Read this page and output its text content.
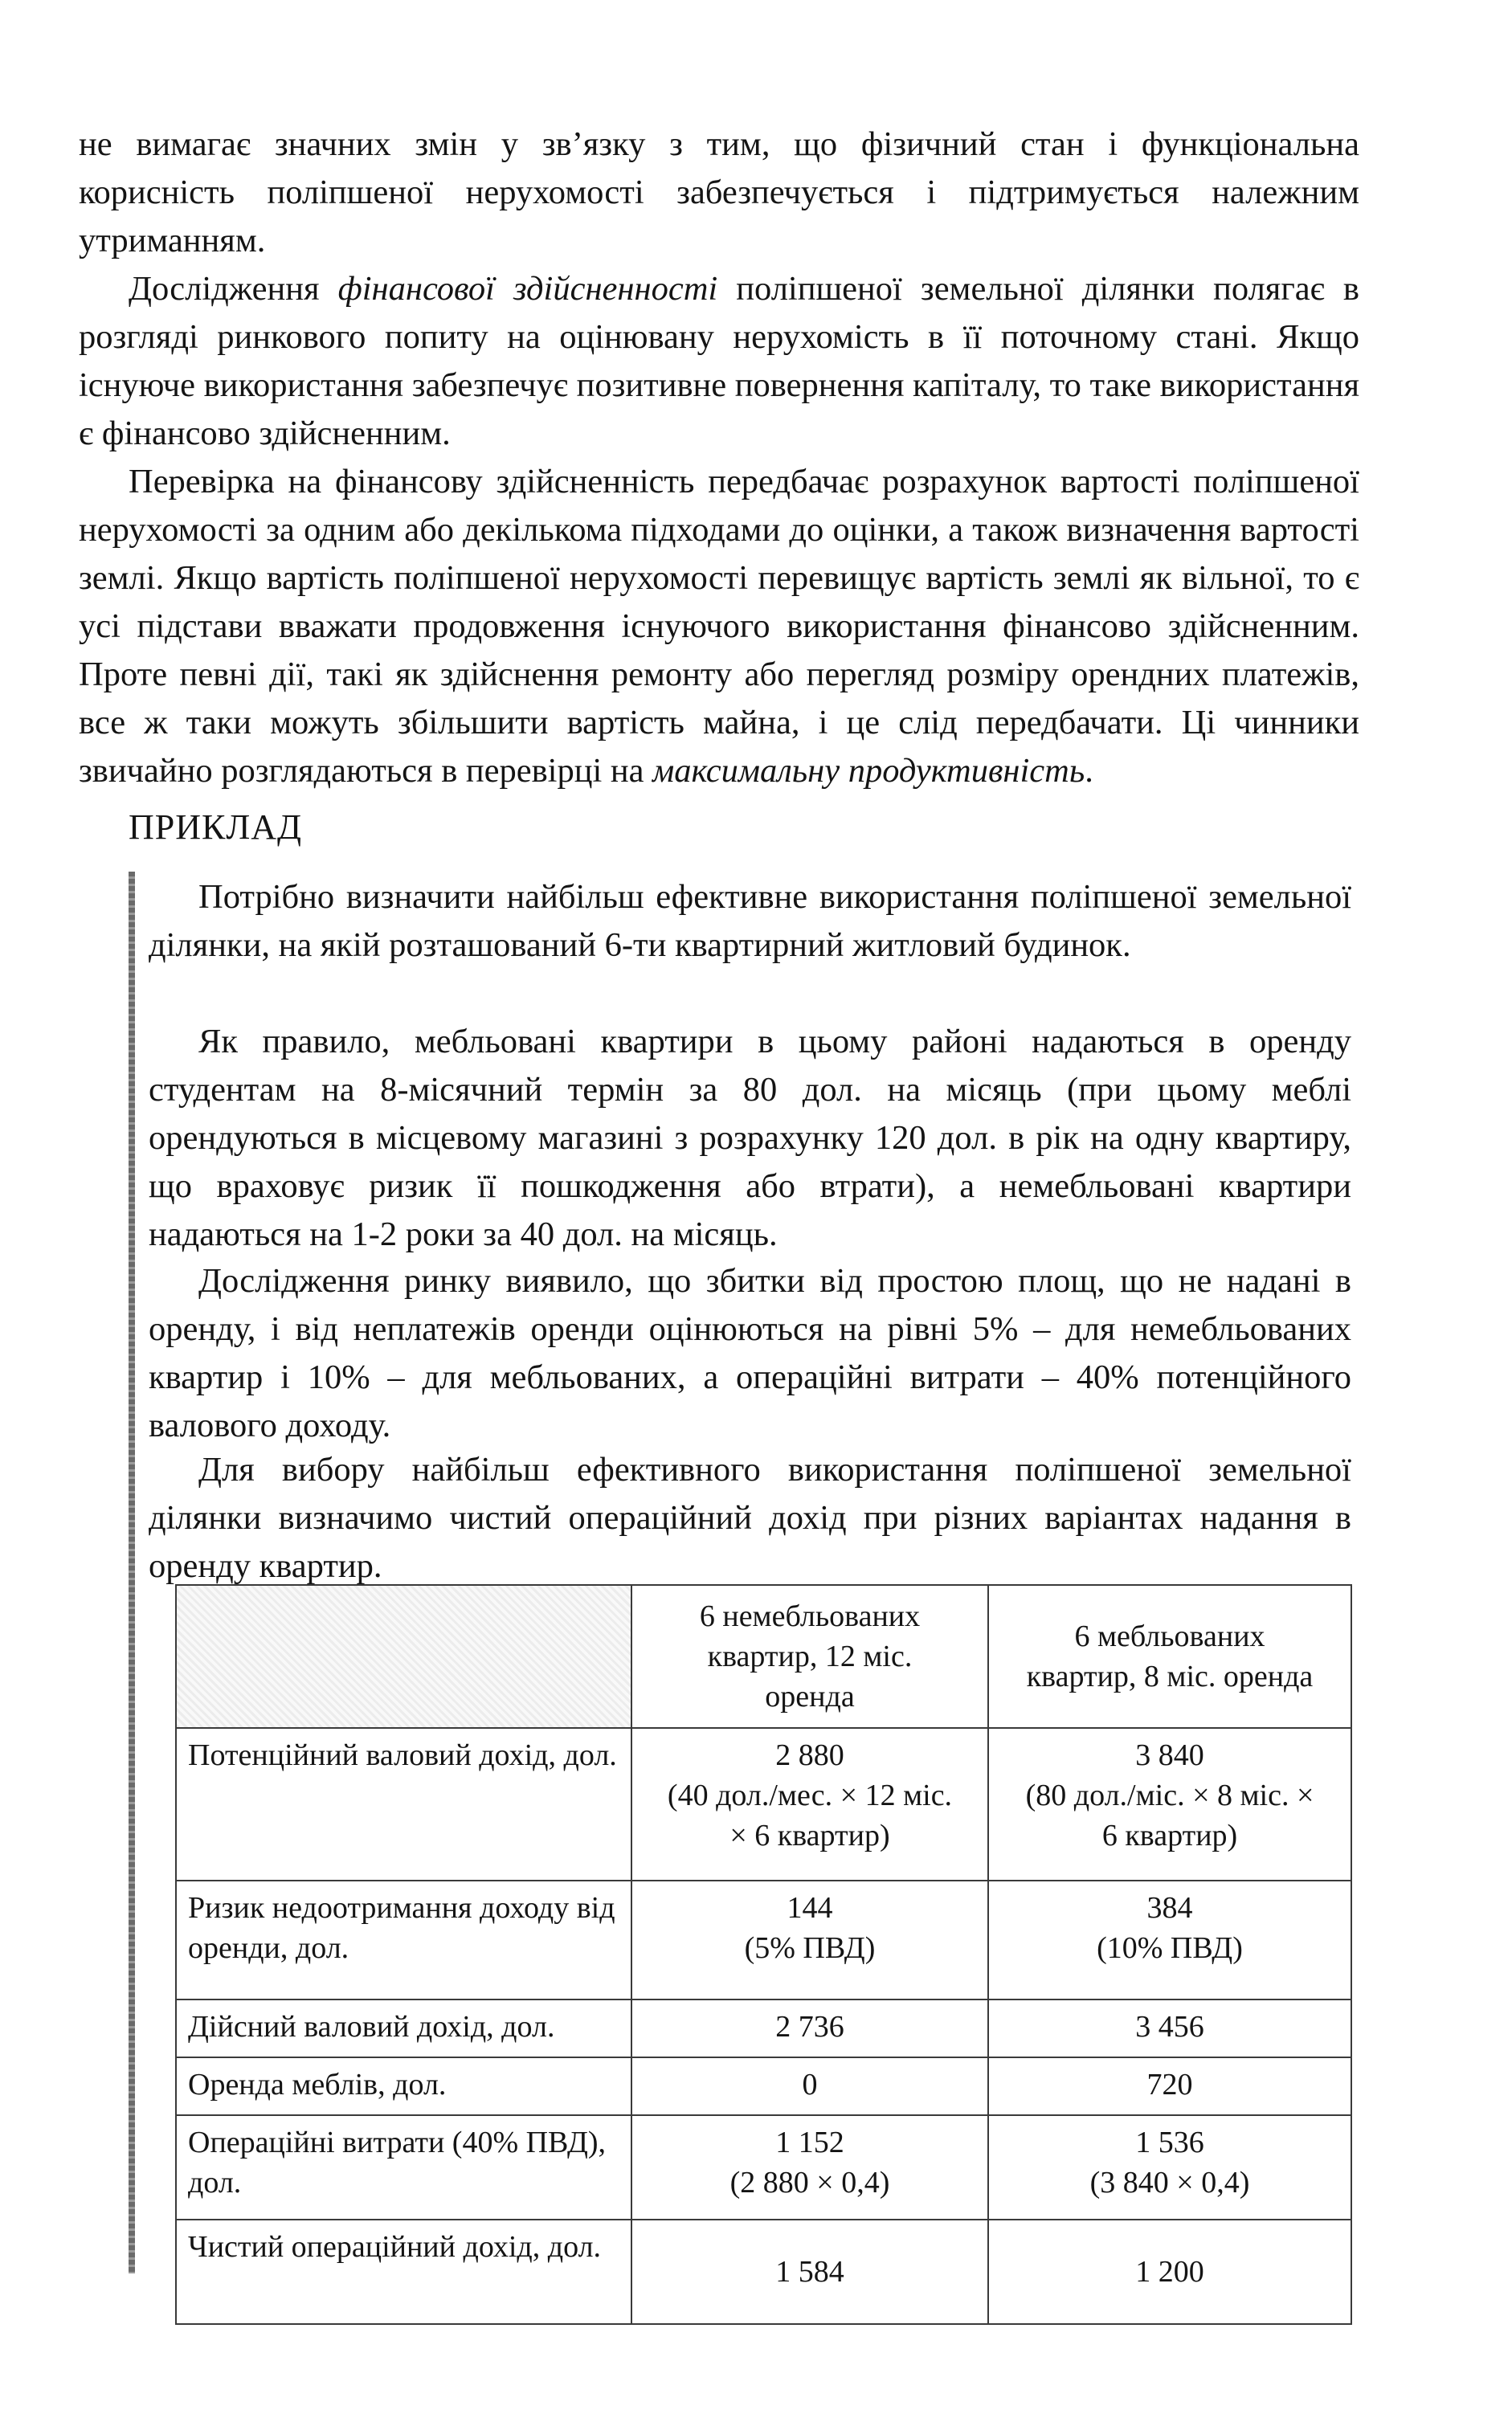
не вимагає значних змін у зв’язку з тим, що фізичний стан і функціональна корисність поліпшеної нерухомості забезпечується і підтримується належним утриманням.

Дослідження фінансової здійсненності поліпшеної земельної ділянки полягає в розгляді ринкового попиту на оцінювану нерухомість в її поточному стані. Якщо існуюче використання забезпечує позитивне повернення капіталу, то таке використання є фінансово здійсненним.

Перевірка на фінансову здійсненність передбачає розрахунок вартості поліпшеної нерухомості за одним або декількома підходами до оцінки, а також визначення вартості землі. Якщо вартість поліпшеної нерухомості перевищує вартість землі як вільної, то є усі підстави вважати продовження існуючого використання фінансово здійсненним. Проте певні дії, такі як здійснення ремонту або перегляд розміру орендних платежів, все ж таки можуть збільшити вартість майна, і це слід передбачати. Ці чинники звичайно розглядаються в перевірці на максимальну продуктивність.

ПРИКЛАД

Потрібно визначити найбільш ефективне використання поліпшеної земельної ділянки, на якій розташований 6-ти квартирний житловий будинок.

Як правило, мебльовані квартири в цьому районі надаються в оренду студентам на 8-місячний термін за 80 дол. на місяць (при цьому меблі орендуються в місцевому магазині з розрахунку 120 дол. в рік на одну квартиру, що враховує ризик її пошкодження або втрати), а немебльовані квартири надаються на 1-2 роки за 40 дол. на місяць.

Дослідження ринку виявило, що збитки від простою площ, що не надані в оренду, і від неплатежів оренди оцінюються на рівні 5% – для немебльованих квартир і 10% – для мебльованих, а операційні витрати – 40% потенційного валового доходу.

Для вибору найбільш ефективного використання поліпшеної земельної ділянки визначимо чистий операційний дохід при різних варіантах надання в оренду квартир.

	6 немебльованих
квартир, 12 міс.
оренда	6 мебльованих
квартир, 8 міс. оренда

Потенційний валовий дохід, дол.	2 880
(40 дол./мес. × 12 міс.
× 6 квартир)	3 840
(80 дол./міс. × 8 міс. ×
6 квартир)

Ризик недоотримання доходу від оренди, дол.	144
(5% ПВД)	384
(10% ПВД)

Дійсний валовий дохід, дол.	2 736	3 456

Оренда меблів, дол.	0	720

Операційні витрати (40% ПВД), дол.	1 152
(2 880 × 0,4)	1 536
(3 840 × 0,4)

Чистий операційний дохід, дол.	1 584	1 200
